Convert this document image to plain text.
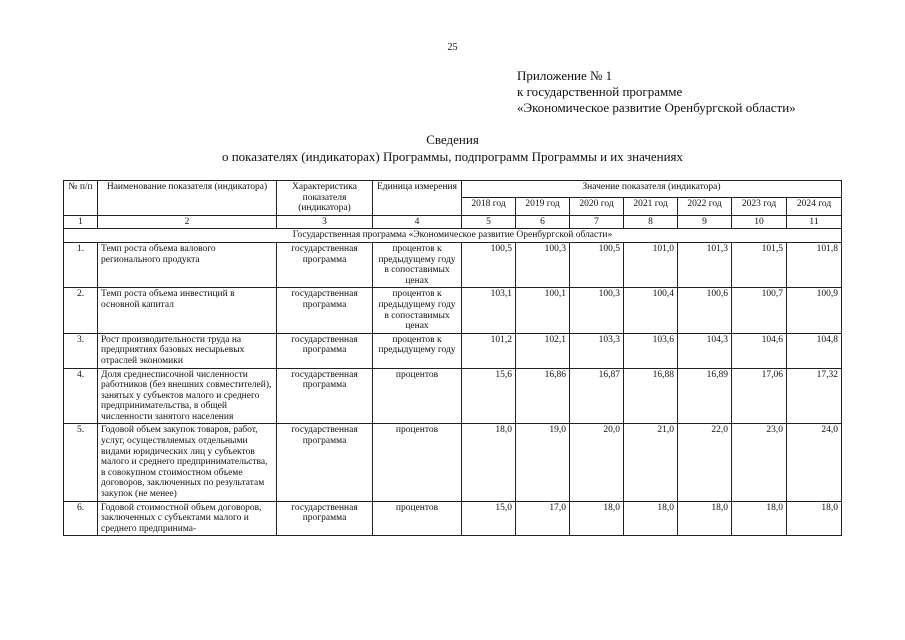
25
Приложение № 1
к государственной программе
«Экономическое развитие Оренбургской области»
Сведения
о показателях (индикаторах) Программы, подпрограмм Программы и их значениях
№ п/п	Наименование показателя (индикатора)	Характеристика показателя (индикатора)	Единица измерения	Значение показателя (индикатора)						
				2018 год	2019 год	2020 год	2021 год	2022 год	2023 год	2024 год
1	2	3	4	5	6	7	8	9	10	11
Государственная программа «Экономическое развитие Оренбургской области»										
1.	Темп роста объема валового регионального продукта	государственная программа	процентов к предыдущему году в сопоставимых ценах	100,5	100,3	100,5	101,0	101,3	101,5	101,8
2.	Темп роста объема инвестиций в основной капитал	государственная программа	процентов к предыдущему году в сопоставимых ценах	103,1	100,1	100,3	100,4	100,6	100,7	100,9
3.	Рост производительности труда на предприятиях базовых несырьевых отраслей экономики	государственная программа	процентов к предыдущему году	101,2	102,1	103,3	103,6	104,3	104,6	104,8
4.	Доля среднесписочной численности работников (без внешних совместителей), занятых у субъектов малого и среднего предпринимательства, в общей численности занятого населения	государственная программа	процентов	15,6	16,86	16,87	16,88	16,89	17,06	17,32
5.	Годовой объем закупок товаров, работ, услуг, осуществляемых отдельными видами юридических лиц у субъектов малого и среднего предпринимательства, в совокупном стоимостном объеме договоров, заключенных по результатам закупок (не менее)	государственная программа	процентов	18,0	19,0	20,0	21,0	22,0	23,0	24,0
6.	Годовой стоимостной объем договоров, заключенных с субъектами малого и среднего предпринима-	государственная программа	процентов	15,0	17,0	18,0	18,0	18,0	18,0	18,0
